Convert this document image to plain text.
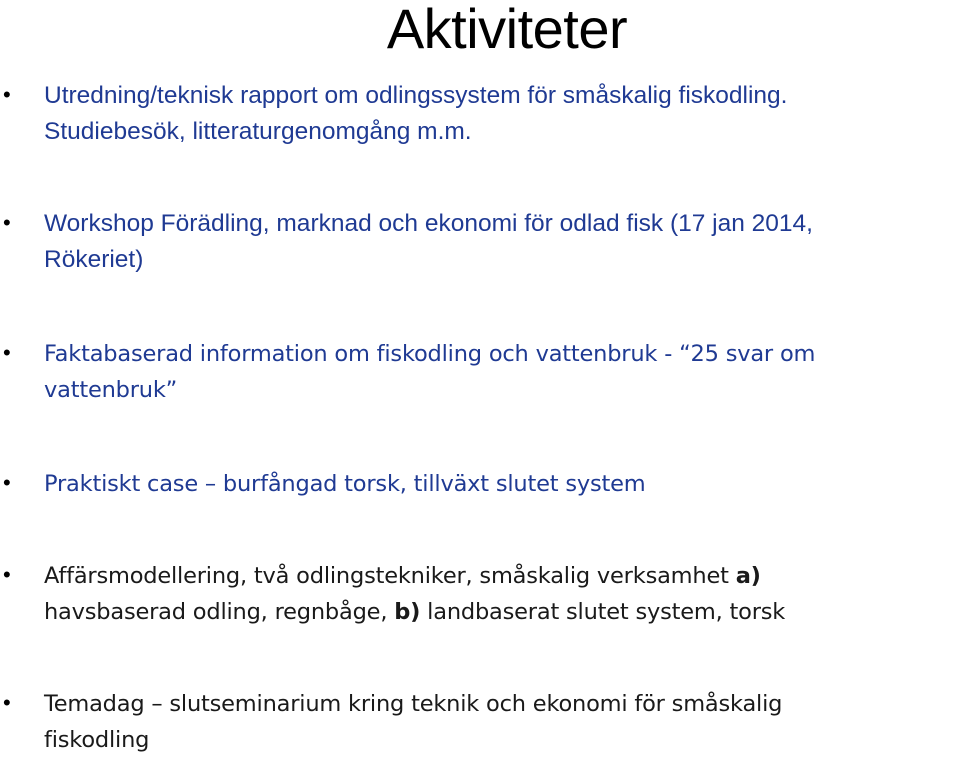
Aktiviteter
• Utredning/teknisk rapport om odlingssystem för småskalig fiskodling.
Studiebesök, litteraturgenomgång m.m.
• Workshop Förädling, marknad och ekonomi för odlad fisk (17 jan 2014,
Rökeriet)
• Faktabaserad information om fiskodling och vattenbruk - “25 svar om
vattenbruk”
• Praktiskt case – burfångad torsk, tillväxt slutet system
• Affärsmodellering, två odlingstekniker, småskalig verksamhet a)
havsbaserad odling, regnbåge, b) landbaserat slutet system, torsk
• Temadag – slutseminarium kring teknik och ekonomi för småskalig
fiskodling
